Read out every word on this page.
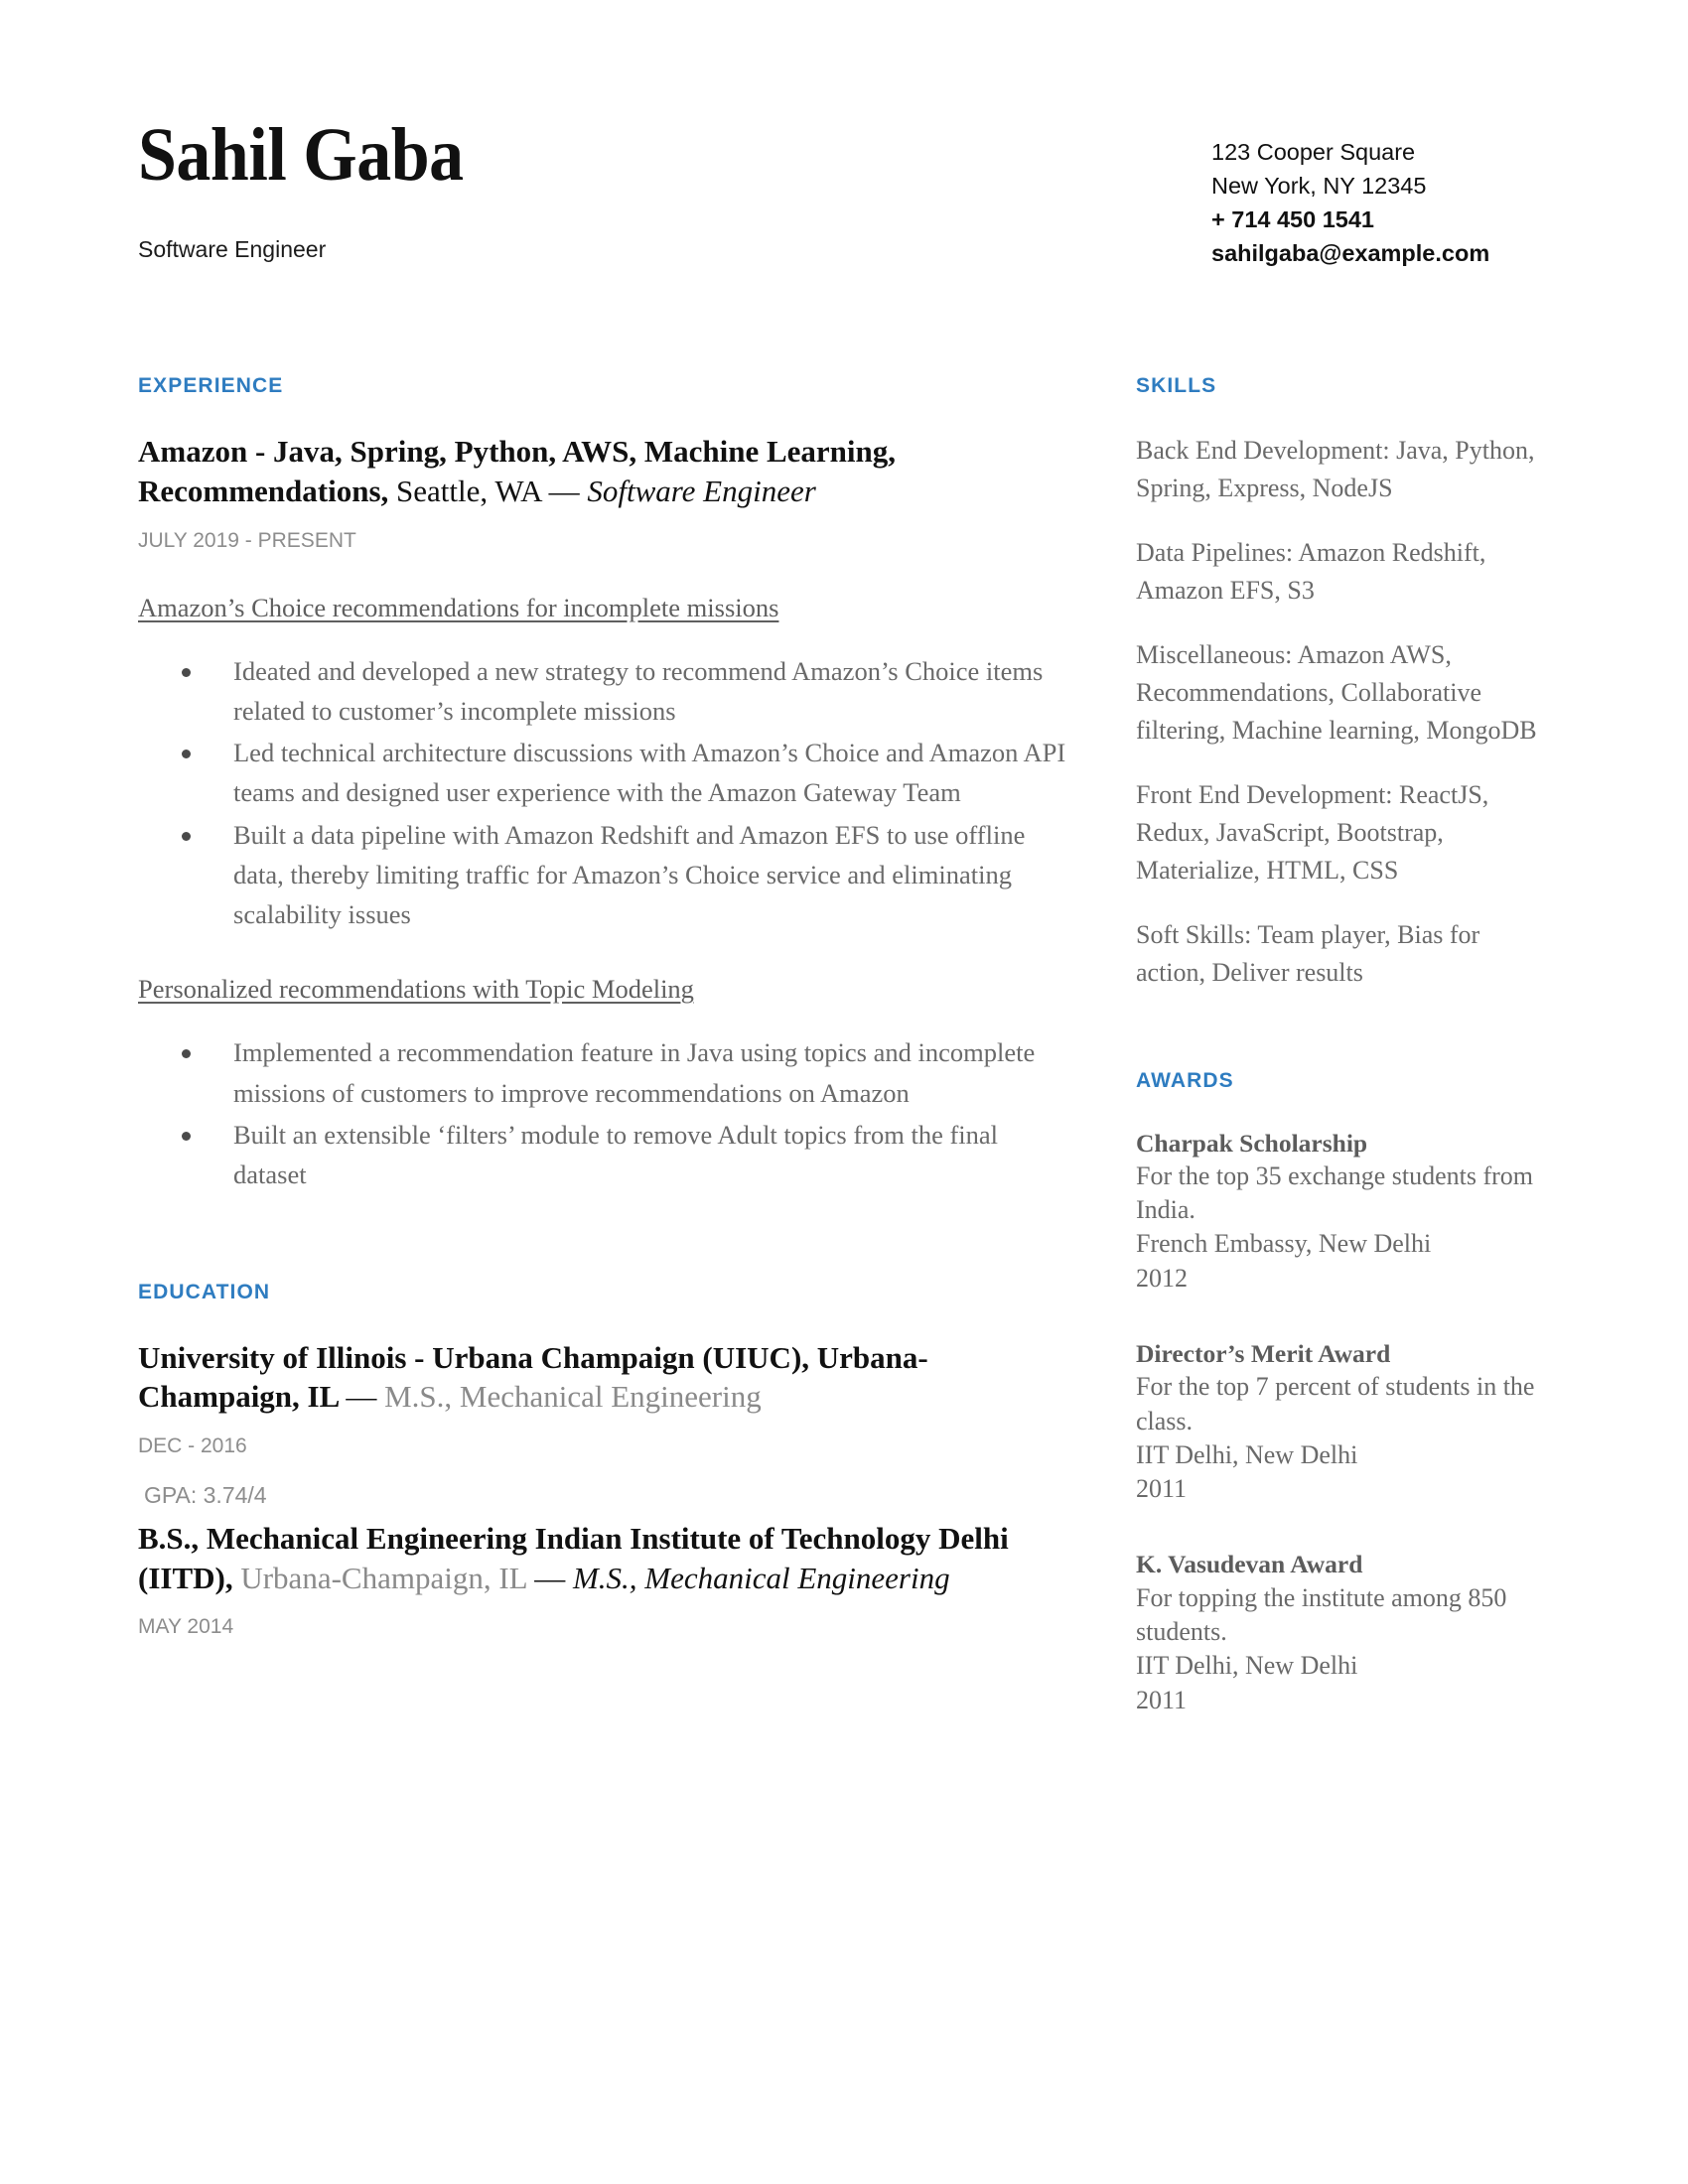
Sahil Gaba
Software Engineer
123 Cooper Square
New York, NY 12345
+ 714 450 1541
sahilgaba@example.com
EXPERIENCE
Amazon - Java, Spring, Python, AWS, Machine Learning, Recommendations, Seattle, WA — Software Engineer
JULY 2019 - PRESENT
Amazon’s Choice recommendations for incomplete missions
Ideated and developed a new strategy to recommend Amazon’s Choice items related to customer’s incomplete missions
Led technical architecture discussions with Amazon’s Choice and Amazon API teams and designed user experience with the Amazon Gateway Team
Built a data pipeline with Amazon Redshift and Amazon EFS to use offline data, thereby limiting traffic for Amazon’s Choice service and eliminating scalability issues
Personalized recommendations with Topic Modeling
Implemented a recommendation feature in Java using topics and incomplete missions of customers to improve recommendations on Amazon
Built an extensible ‘filters’ module to remove Adult topics from the final dataset
EDUCATION
University of Illinois - Urbana Champaign (UIUC), Urbana-Champaign, IL — M.S., Mechanical Engineering
DEC - 2016
GPA: 3.74/4
B.S., Mechanical Engineering Indian Institute of Technology Delhi (IITD), Urbana-Champaign, IL — M.S., Mechanical Engineering
MAY 2014
SKILLS

Back End Development: Java, Python, Spring, Express, NodeJS

Data Pipelines: Amazon Redshift, Amazon EFS, S3

Miscellaneous: Amazon AWS, Recommendations, Collaborative filtering, Machine learning, MongoDB

Front End Development: ReactJS, Redux, JavaScript, Bootstrap, Materialize, HTML, CSS

Soft Skills: Team player, Bias for action, Deliver results

AWARDS
Charpak Scholarship
For the top 35 exchange students from India.
French Embassy, New Delhi
2012
Director’s Merit Award
For the top 7 percent of students in the class.
IIT Delhi, New Delhi
2011
K. Vasudevan Award
For topping the institute among 850 students.
IIT Delhi, New Delhi
2011
